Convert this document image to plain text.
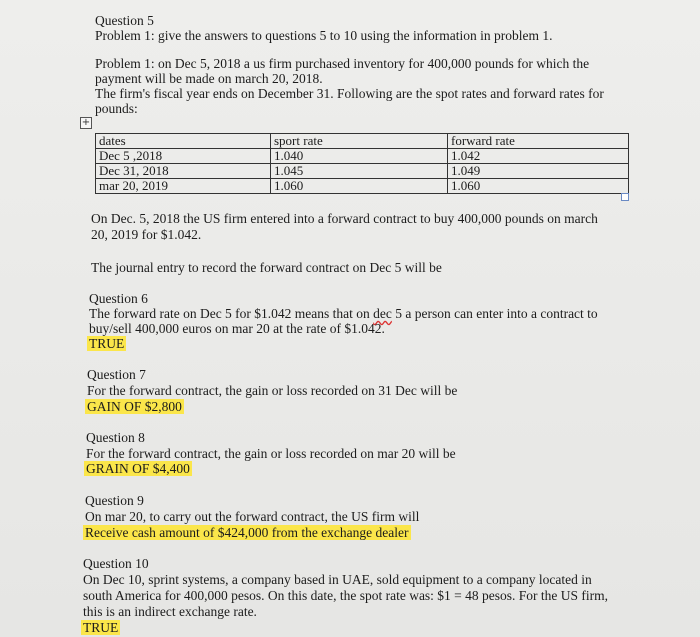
Question 5

Problem 1: give the answers to questions 5 to 10 using the information in problem 1.

Problem 1: on Dec 5, 2018 a us firm purchased inventory for 400,000 pounds for which the

payment will be made on march 20, 2018.

The firm's fiscal year ends on December 31. Following are the spot rates and forward rates for

pounds:

+
dates	sport rate	forward rate
Dec 5 ,2018	1.040	1.042
Dec 31, 2018	1.045	1.049
mar 20, 2019	1.060	1.060

On Dec. 5, 2018 the US firm entered into a forward contract to buy 400,000 pounds on march

20, 2019 for $1.042.

The journal entry to record the forward contract on Dec 5 will be

Question 6

The forward rate on Dec 5 for $1.042 means that on dec 5 a person can enter into a contract to

buy/sell 400,000 euros on mar 20 at the rate of $1.042.

TRUE

Question 7

For the forward contract, the gain or loss recorded on 31 Dec will be

GAIN OF $2,800

Question 8

For the forward contract, the gain or loss recorded on mar 20 will be

GRAIN OF $4,400

Question 9

On mar 20, to carry out the forward contract, the US firm will

Receive cash amount of $424,000 from the exchange dealer

Question 10

On Dec 10, sprint systems, a company based in UAE, sold equipment to a company located in

south America for 400,000 pesos. On this date, the spot rate was: $1 = 48 pesos. For the US firm,

this is an indirect exchange rate.

TRUE
